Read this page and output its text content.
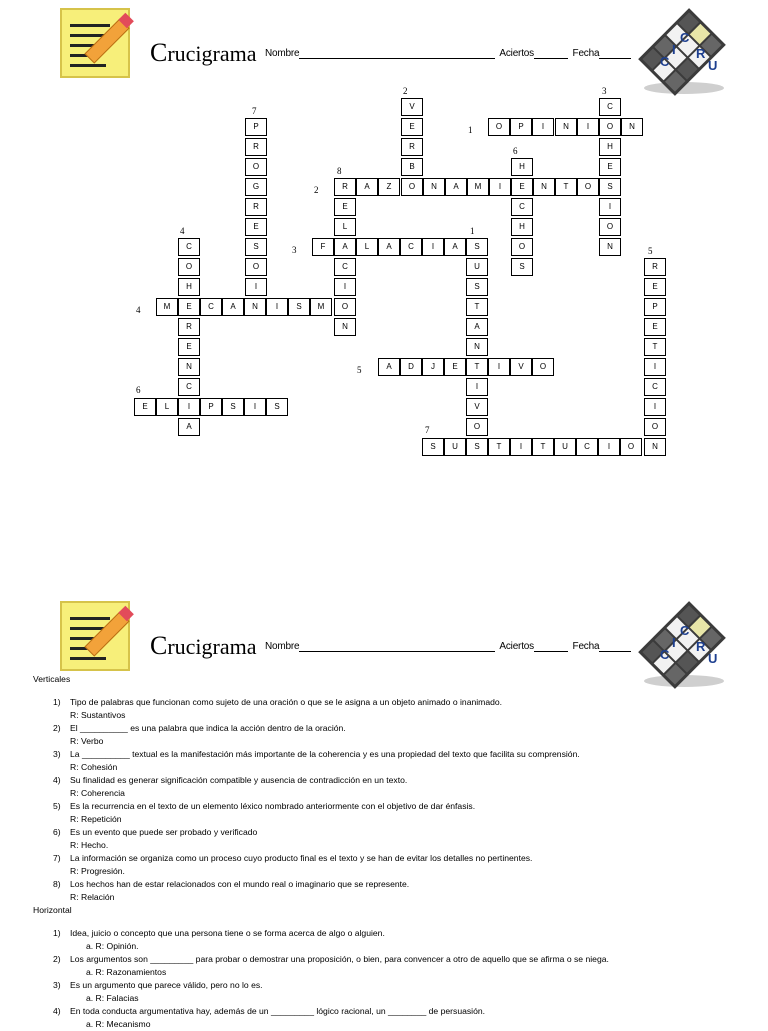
Crucigrama Nombre	Aciertos	Fecha
C
R
U
C
I
V
E
R
B
O
C
O
H
E
S
I
O
N
O	P	I	N	I	N
P
R
O
G
R
E
S
O
I
H
E
C
H
O
S
R	A	Z	N	A	M	I	N	T	O
E
L
C
I
O
N
F	A	L	A	C	I	A	S
U
S
T
A
N
T
I
V
O
C
O
H
R
E
N
C
A
M	E	C	A	N	I	S	M
R
E
P
E
T
I
C
I
O
A	D	J	E	I	V	O
E	L	I	P	S	I	S
S	U	S	T	I	T	U	C	I	O	N
2	3
7
1
6
8
2
4	1
3	5
4
5
6
7
Crucigrama Nombre	Aciertos	Fecha
C
R
U
C
I
Verticales
1)	Tipo de palabras que funcionan como sujeto de una oración o que se le asigna a un objeto animado o inanimado.
R: Sustantivos
2)	El __________ es una palabra que indica la acción dentro de la oración.
R: Verbo
3)	La __________ textual es la manifestación más importante de la coherencia y es una propiedad del texto que facilita su comprensión.
R: Cohesión
4)	Su finalidad es generar significación compatible y ausencia de contradicción en un texto.
R: Coherencia
5)	Es la recurrencia en el texto de un elemento léxico nombrado anteriormente con el objetivo de dar énfasis.
R: Repetición
6)	Es un evento que puede ser probado y verificado
R: Hecho.
7)	La información se organiza como un proceso cuyo producto final es el texto y se han de evitar los detalles no pertinentes.
R: Progresión.
8)	Los hechos han de estar relacionados con el mundo real o imaginario que se represente.
R: Relación
Horizontal
1)	Idea, juicio o concepto que una persona tiene o se forma acerca de algo o alguien.
a. R: Opinión.
2)	Los argumentos son _________ para probar o demostrar una proposición, o bien, para convencer a otro de aquello que se afirma o se niega.
a. R: Razonamientos
3)	Es un argumento que parece válido, pero no lo es.
a. R: Falacias
4)	En toda conducta argumentativa hay, además de un _________ lógico racional, un ________ de persuasión.
a. R: Mecanismo
